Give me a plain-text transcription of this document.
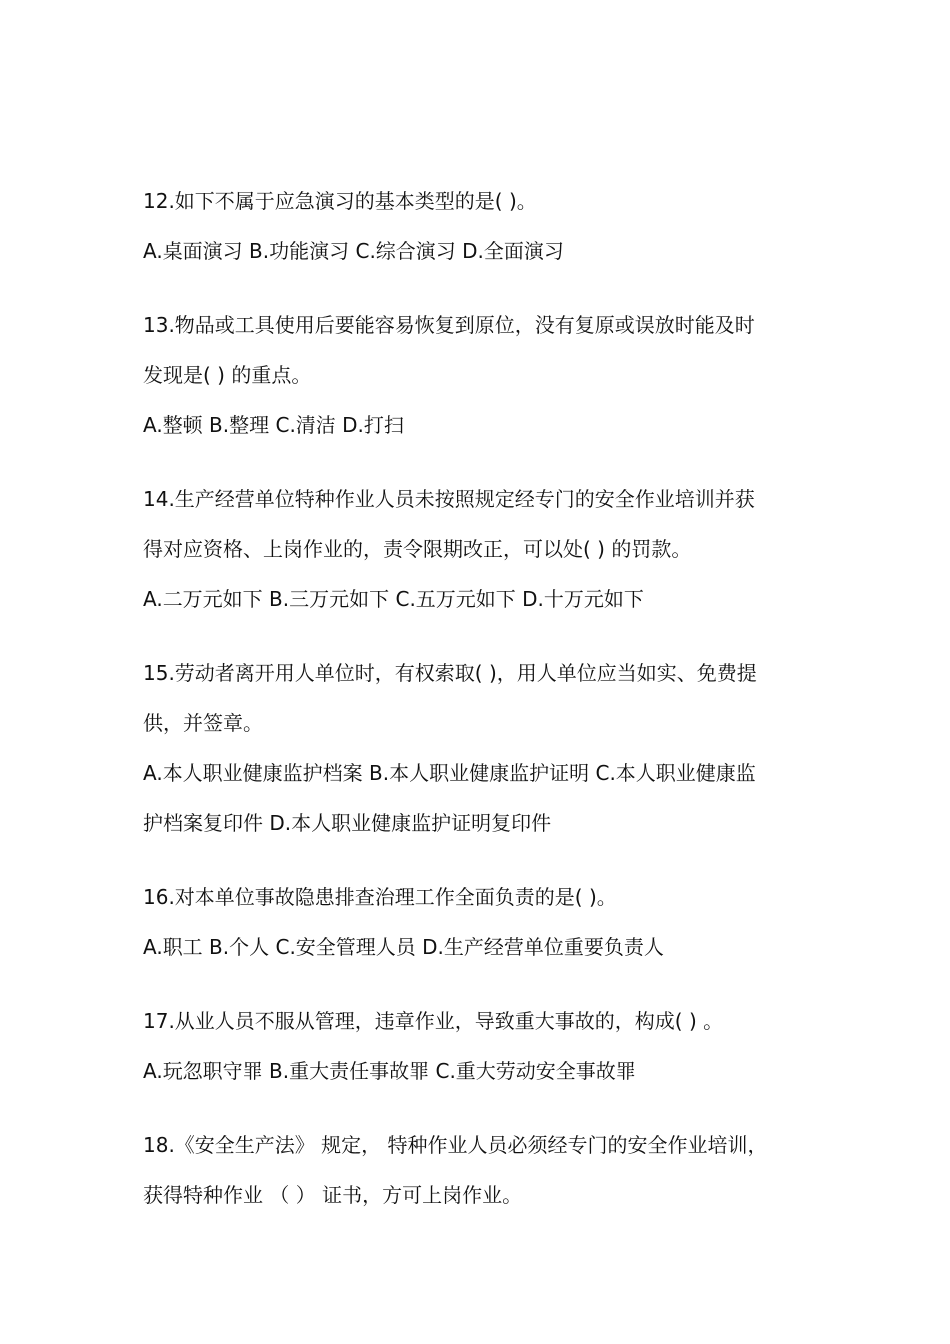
12.如下不属于应急演习的基本类型的是( )。
A.桌面演习 B.功能演习 C.综合演习 D.全面演习
13.物品或工具使用后要能容易恢复到原位，没有复原或误放时能及时
发现是( ) 的重点。
A.整顿 B.整理 C.清洁 D.打扫
14.生产经营单位特种作业人员未按照规定经专门的安全作业培训并获
得对应资格、上岗作业的，责令限期改正，可以处( ) 的罚款。
A.二万元如下 B.三万元如下 C.五万元如下 D.十万元如下
15.劳动者离开用人单位时，有权索取( )，用人单位应当如实、免费提
供，并签章。
A.本人职业健康监护档案 B.本人职业健康监护证明 C.本人职业健康监
护档案复印件 D.本人职业健康监护证明复印件
16.对本单位事故隐患排查治理工作全面负责的是( )。
A.职工 B.个人 C.安全管理人员 D.生产经营单位重要负责人
17.从业人员不服从管理，违章作业，导致重大事故的，构成( ) 。
A.玩忽职守罪 B.重大责任事故罪 C.重大劳动安全事故罪
18.《安全生产法》 规定， 特种作业人员必须经专门的安全作业培训，
获得特种作业 （ ） 证书，方可上岗作业。
